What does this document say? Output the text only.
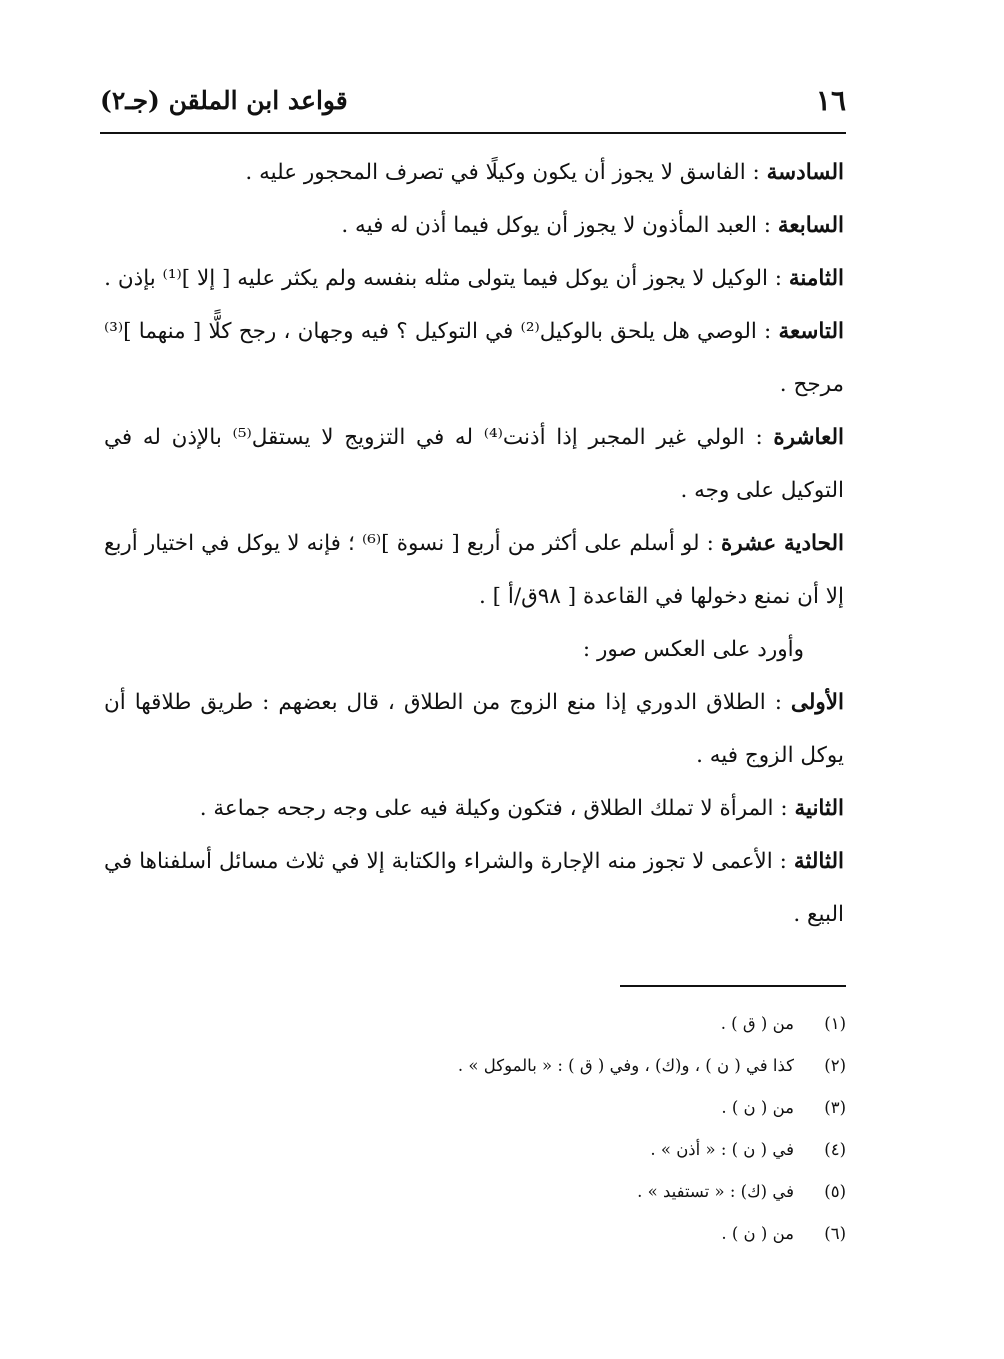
١٦
قواعد ابن الملقن (جـ٢)

السادسة : الفاسق لا يجوز أن يكون وكيلًا في تصرف المحجور عليه .

السابعة : العبد المأذون لا يجوز أن يوكل فيما أذن له فيه .

الثامنة : الوكيل لا يجوز أن يوكل فيما يتولى مثله بنفسه ولم يكثر عليه [ إلا ]⁽¹⁾ بإذن .

التاسعة : الوصي هل يلحق بالوكيل⁽²⁾ في التوكيل ؟ فيه وجهان ، رجح كلًّا [ منهما ]⁽³⁾ مرجح .

العاشرة : الولي غير المجبر إذا أذنت⁽⁴⁾ له في التزويج لا يستقل⁽⁵⁾ بالإذن له في التوكيل على وجه .

الحادية عشرة : لو أسلم على أكثر من أربع [ نسوة ]⁽⁶⁾ ؛ فإنه لا يوكل في اختيار أربع إلا أن نمنع دخولها في القاعدة [ ٩٨ق/أ ] .

وأورد على العكس صور :

الأولى : الطلاق الدوري إذا منع الزوج من الطلاق ، قال بعضهم : طريق طلاقها أن يوكل الزوج فيه .

الثانية : المرأة لا تملك الطلاق ، فتكون وكيلة فيه على وجه رجحه جماعة .

الثالثة : الأعمى لا تجوز منه الإجارة والشراء والكتابة إلا في ثلاث مسائل أسلفناها في البيع .

(١)
من ( ق ) .
(٢)
كذا في ( ن ) ، و(ك) ، وفي ( ق ) : « بالموكل » .
(٣)
من ( ن ) .
(٤)
في ( ن ) : « أذن » .
(٥)
في (ك) : « تستفيد » .
(٦)
من ( ن ) .
